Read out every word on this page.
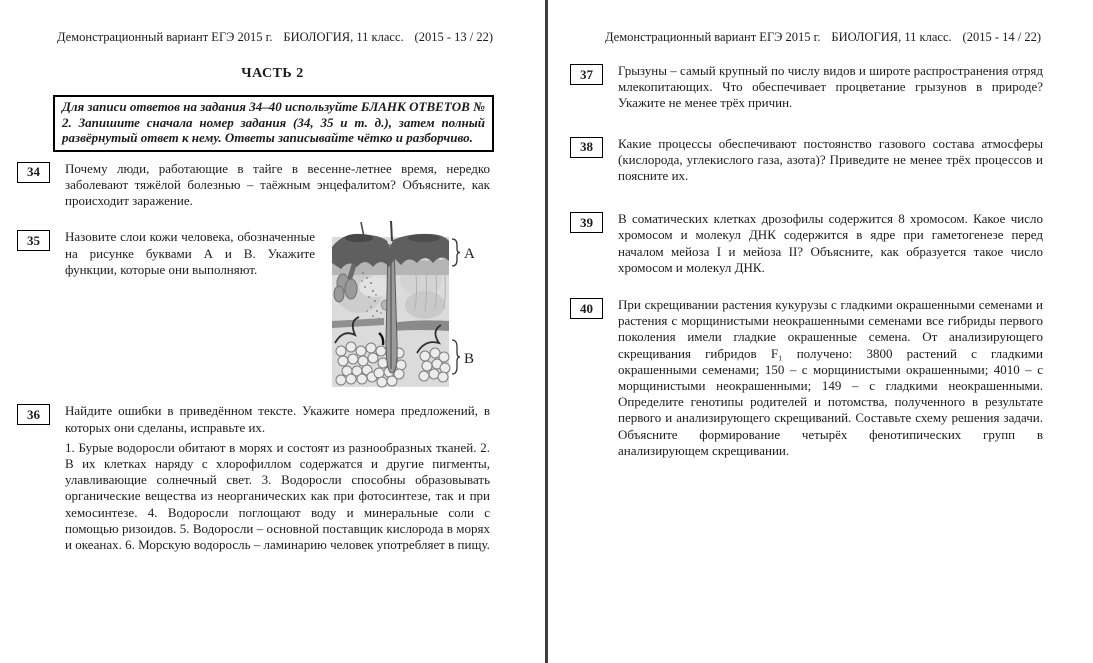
Демонстрационный вариант ЕГЭ 2015 г. БИОЛОГИЯ, 11 класс. (2015 - 13 / 22)
ЧАСТЬ 2
Для записи ответов на задания 34–40 используйте БЛАНК ОТВЕТОВ № 2. Запишите сначала номер задания (34, 35 и т. д.), затем полный развёрнутый ответ к нему. Ответы записывайте чётко и разборчиво.
34	Почему люди, работающие в тайге в весенне-летнее время, нередко заболевают тяжёлой болезнью – таёжным энцефалитом? Объясните, как происходит заражение.
35	Назовите слои кожи человека, обозначенные на рисунке буквами А и В. Укажите функции, которые они выполняют.
А
В
36	Найдите ошибки в приведённом тексте. Укажите номера предложений, в которых они сделаны, исправьте их.
1. Бурые водоросли обитают в морях и состоят из разнообразных тканей. 2. В их клетках наряду с хлорофиллом содержатся и другие пигменты, улавливающие солнечный свет. 3. Водоросли способны образовывать органические вещества из неорганических как при фотосинтезе, так и при хемосинтезе. 4. Водоросли поглощают воду и минеральные соли с помощью ризоидов. 5. Водоросли – основной поставщик кислорода в морях и океанах. 6. Морскую водоросль – ламинарию человек употребляет в пищу.
Демонстрационный вариант ЕГЭ 2015 г. БИОЛОГИЯ, 11 класс. (2015 - 14 / 22)
37	Грызуны – самый крупный по числу видов и широте распространения отряд млекопитающих. Что обеспечивает процветание грызунов в природе? Укажите не менее трёх причин.
38	Какие процессы обеспечивают постоянство газового состава атмосферы (кислорода, углекислого газа, азота)? Приведите не менее трёх процессов и поясните их.
39	В соматических клетках дрозофилы содержится 8 хромосом. Какое число хромосом и молекул ДНК содержится в ядре при гаметогенезе перед началом мейоза I и мейоза II? Объясните, как образуется такое число хромосом и молекул ДНК.
40	При скрещивании растения кукурузы с гладкими окрашенными семенами и растения с морщинистыми неокрашенными семенами все гибриды первого поколения имели гладкие окрашенные семена. От анализирующего скрещивания гибридов F₁ получено: 3800 растений с гладкими окрашенными семенами; 150 – с морщинистыми окрашенными; 4010 – с морщинистыми неокрашенными; 149 – с гладкими неокрашенными. Определите генотипы родителей и потомства, полученного в результате первого и анализирующего скрещиваний. Составьте схему решения задачи. Объясните формирование четырёх фенотипических групп в анализирующем скрещивании.
